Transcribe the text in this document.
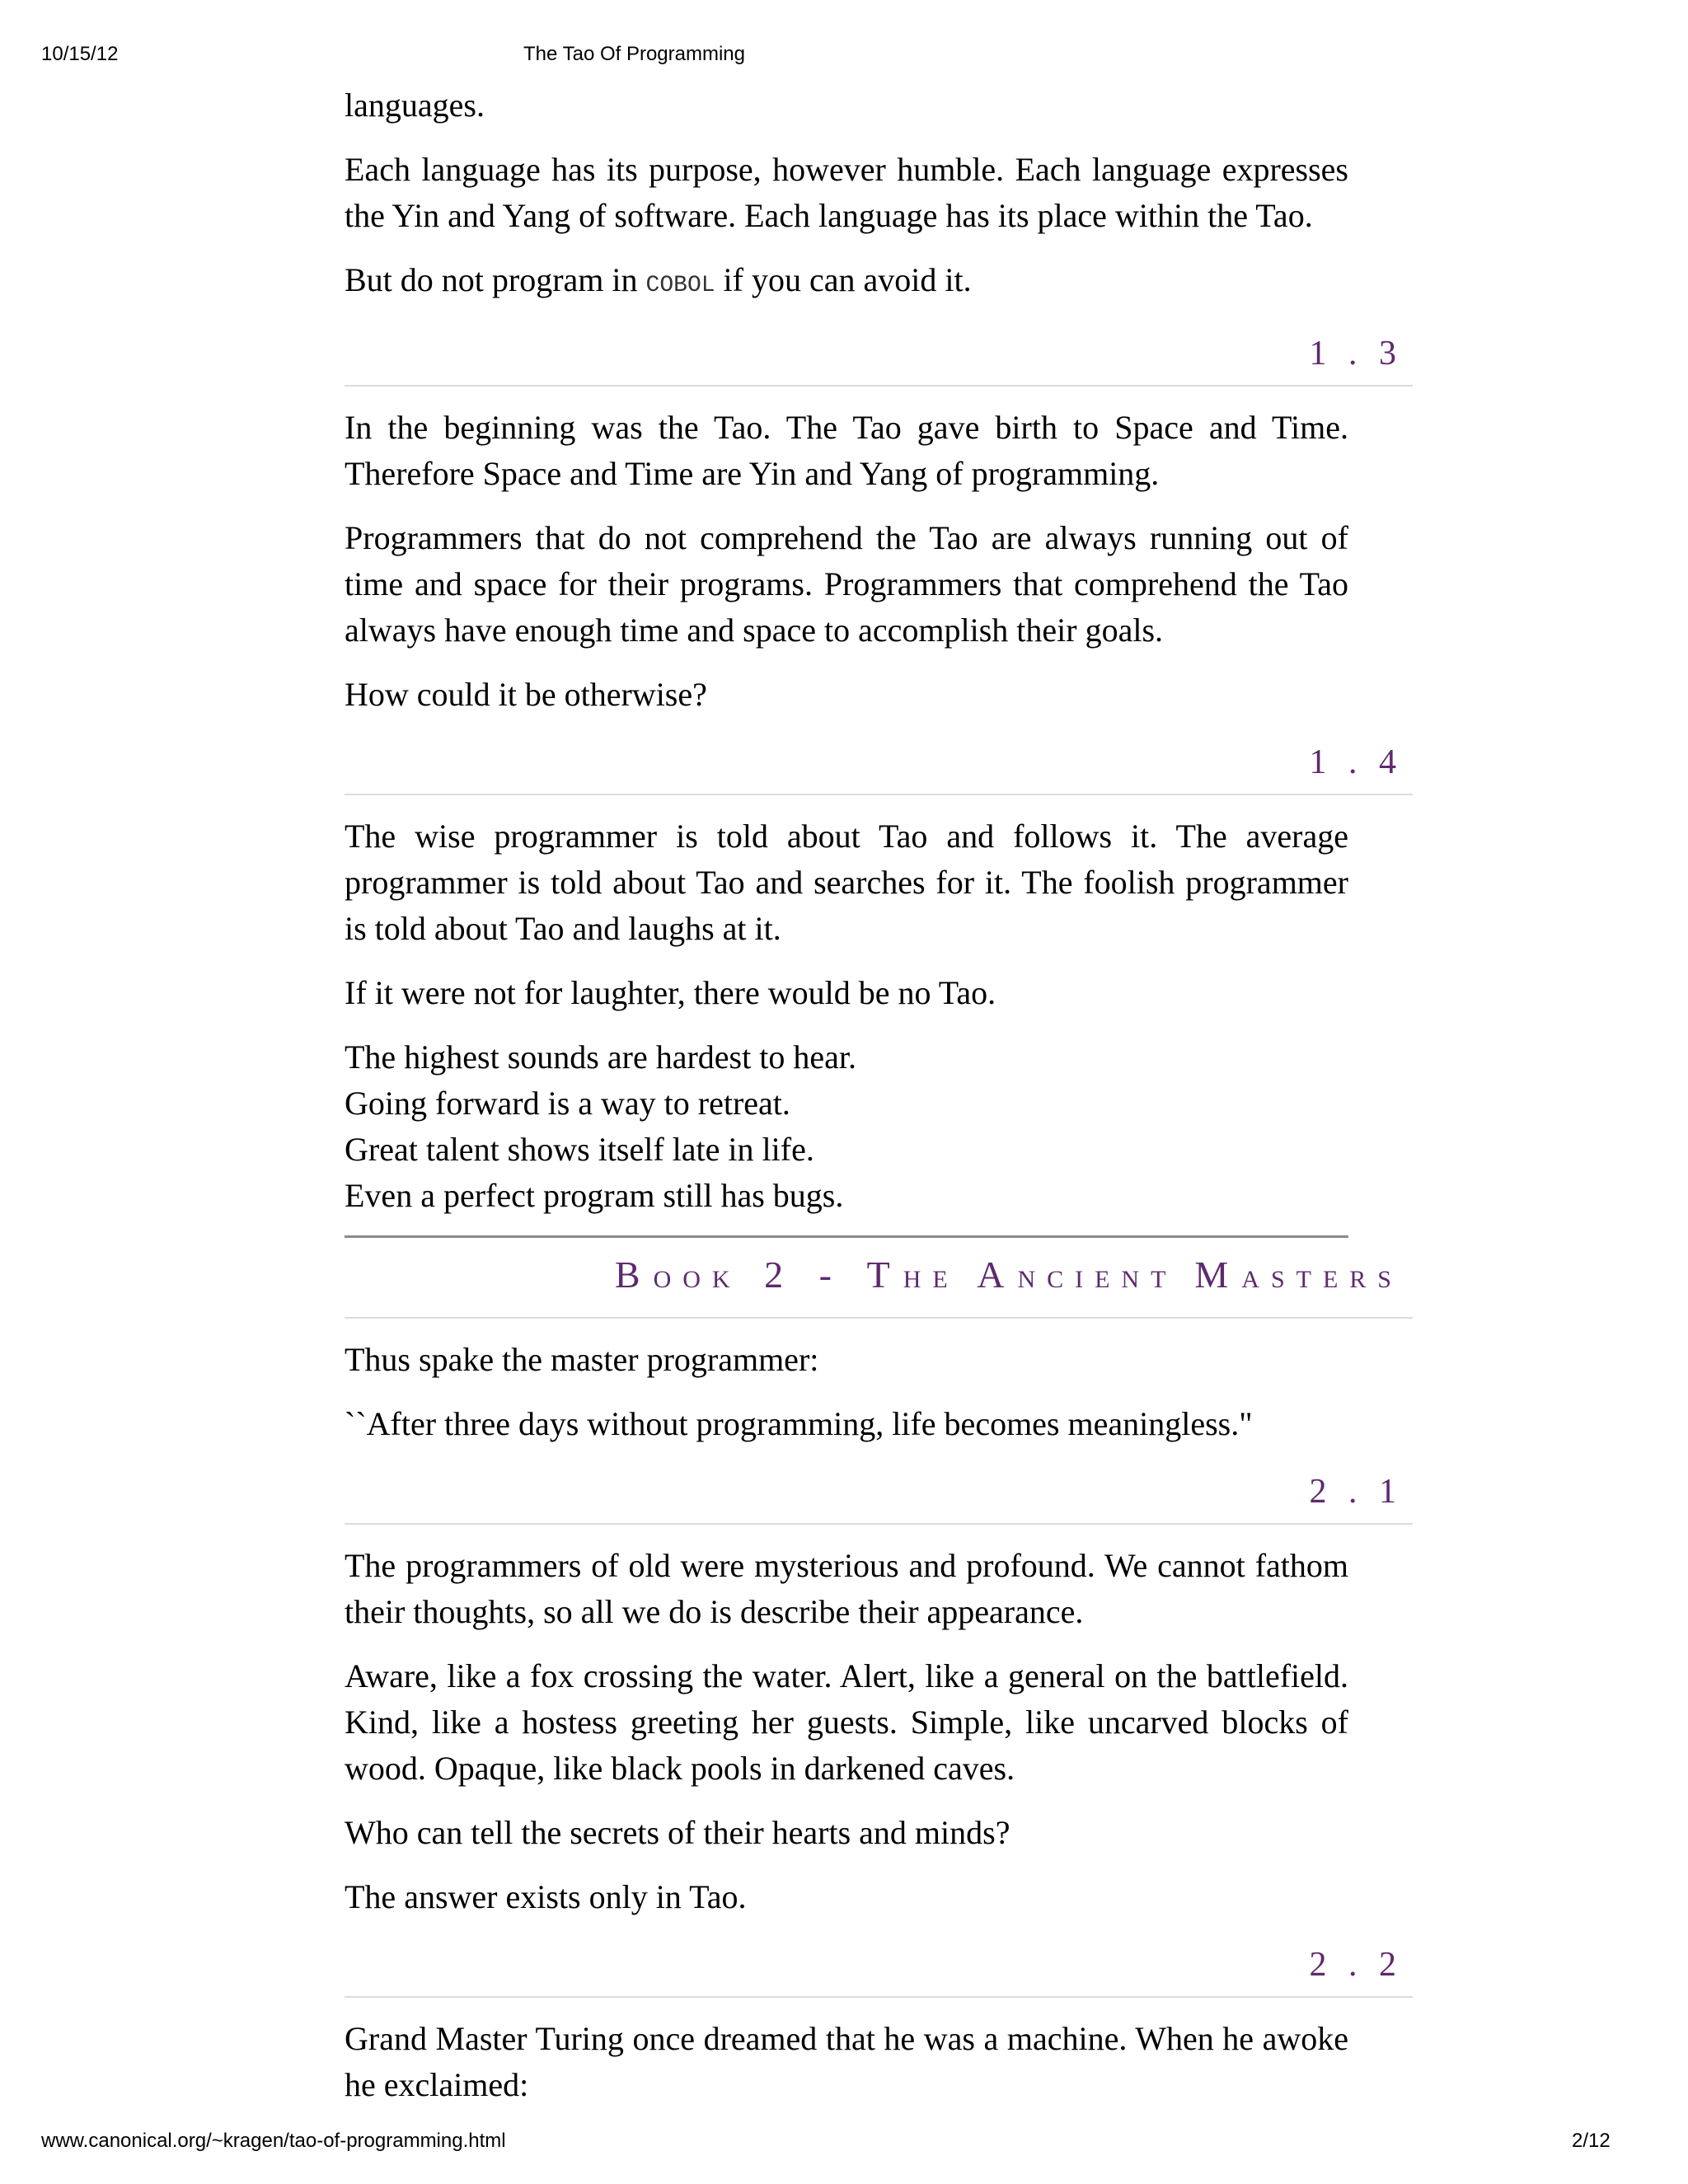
10/15/12	The Tao Of Programming

languages.

Each language has its purpose, however humble. Each language expresses the Yin and Yang of software. Each language has its place within the Tao.

But do not program in COBOL if you can avoid it.

1 . 3

In the beginning was the Tao. The Tao gave birth to Space and Time. Therefore Space and Time are Yin and Yang of programming.

Programmers that do not comprehend the Tao are always running out of time and space for their programs. Programmers that comprehend the Tao always have enough time and space to accomplish their goals.

How could it be otherwise?

1 . 4

The wise programmer is told about Tao and follows it. The average programmer is told about Tao and searches for it. The foolish programmer is told about Tao and laughs at it.

If it were not for laughter, there would be no Tao.

The highest sounds are hardest to hear.
Going forward is a way to retreat.
Great talent shows itself late in life.
Even a perfect program still has bugs.

BOOK 2 - THE ANCIENT MASTERS

Thus spake the master programmer:

``After three days without programming, life becomes meaningless."

2 . 1

The programmers of old were mysterious and profound. We cannot fathom their thoughts, so all we do is describe their appearance.

Aware, like a fox crossing the water. Alert, like a general on the battlefield. Kind, like a hostess greeting her guests. Simple, like uncarved blocks of wood. Opaque, like black pools in darkened caves.

Who can tell the secrets of their hearts and minds?

The answer exists only in Tao.

2 . 2

Grand Master Turing once dreamed that he was a machine. When he awoke he exclaimed:

www.canonical.org/~kragen/tao-of-programming.html	2/12
